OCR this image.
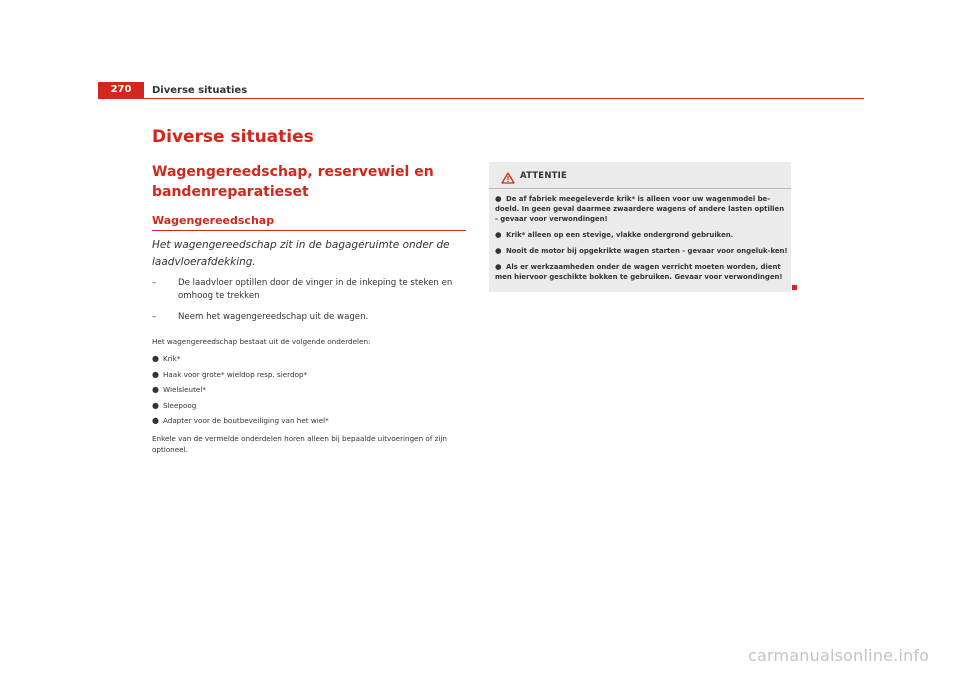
270	Diverse situaties
Diverse situaties
Wagengereedschap, reservewiel en bandenreparatieset
Wagengereedschap

Het wagengereedschap zit in de bagageruimte onder de laadvloerafdekking.

–	De laadvloer optillen door de vinger in de inkeping te steken en omhoog te trekken
–	Neem het wagengereedschap uit de wagen.

Het wagengereedschap bestaat uit de volgende onderdelen:

● Krik*
● Haak voor grote* wieldop resp. sierdop*
● Wielsleutel*
● Sleepoog
● Adapter voor de boutbeveiliging van het wiel*

Enkele van de vermelde onderdelen horen alleen bij bepaalde uitvoeringen of zijn optioneel.

ATTENTIE
● De af fabriek meegeleverde krik* is alleen voor uw wagenmodel be-doeld. In geen geval daarmee zwaardere wagens of andere lasten optillen - gevaar voor verwondingen!
● Krik* alleen op een stevige, vlakke ondergrond gebruiken.
● Nooit de motor bij opgekrikte wagen starten - gevaar voor ongeluk-ken!
● Als er werkzaamheden onder de wagen verricht moeten worden, dient men hiervoor geschikte bokken te gebruiken. Gevaar voor verwondingen!
carmanualsonline.info
